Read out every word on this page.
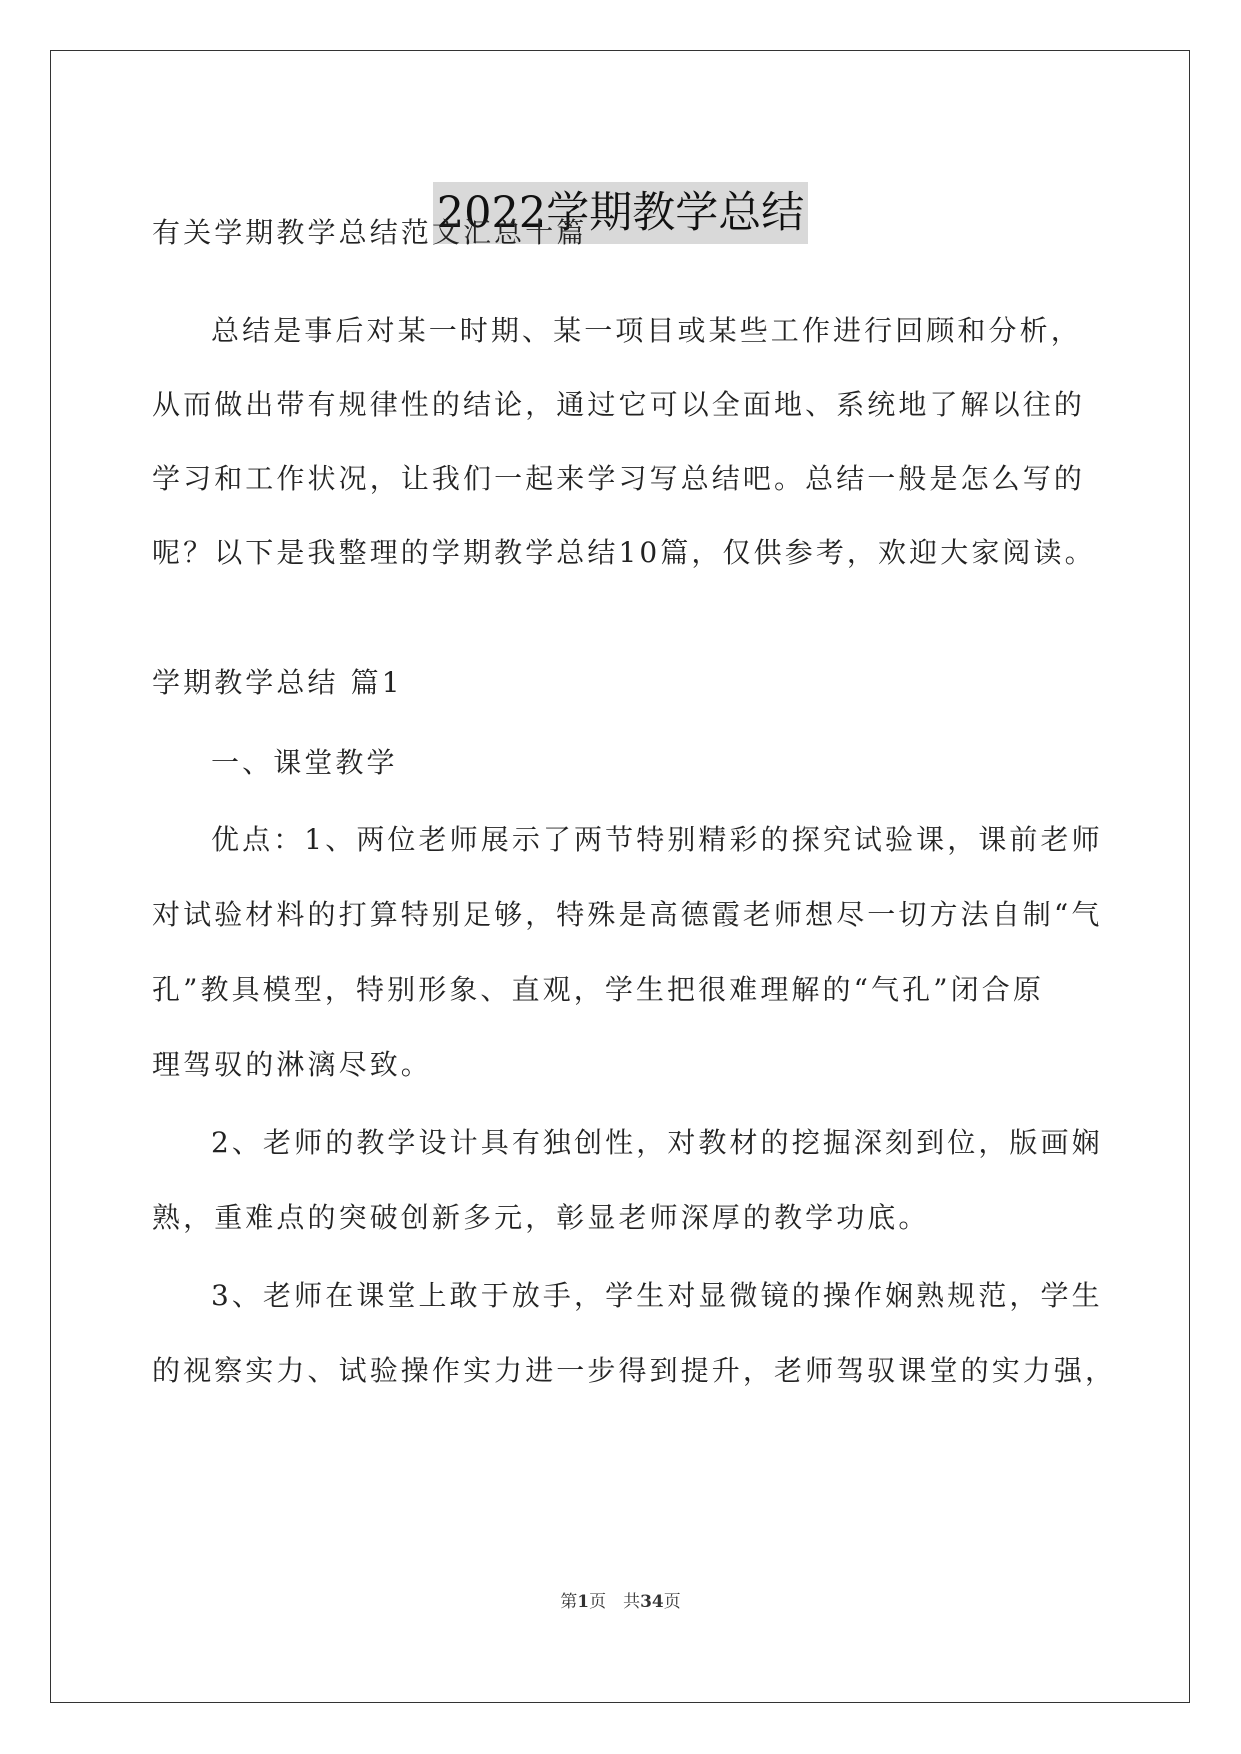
2022学期教学总结
有关学期教学总结范文汇总十篇
总结是事后对某一时期、某一项目或某些工作进行回顾和分析，
从而做出带有规律性的结论，通过它可以全面地、系统地了解以往的
学习和工作状况，让我们一起来学习写总结吧。总结一般是怎么写的
呢？以下是我整理的学期教学总结10篇，仅供参考，欢迎大家阅读。
学期教学总结 篇1
一、课堂教学
优点：1、两位老师展示了两节特别精彩的探究试验课，课前老师
对试验材料的打算特别足够，特殊是高德霞老师想尽一切方法自制“气
孔”教具模型，特别形象、直观，学生把很难理解的“气孔”闭合原
理驾驭的淋漓尽致。
2、老师的教学设计具有独创性，对教材的挖掘深刻到位，版画娴
熟，重难点的突破创新多元，彰显老师深厚的教学功底。
3、老师在课堂上敢于放手，学生对显微镜的操作娴熟规范，学生
的视察实力、试验操作实力进一步得到提升，老师驾驭课堂的实力强，
第1页　共34页
